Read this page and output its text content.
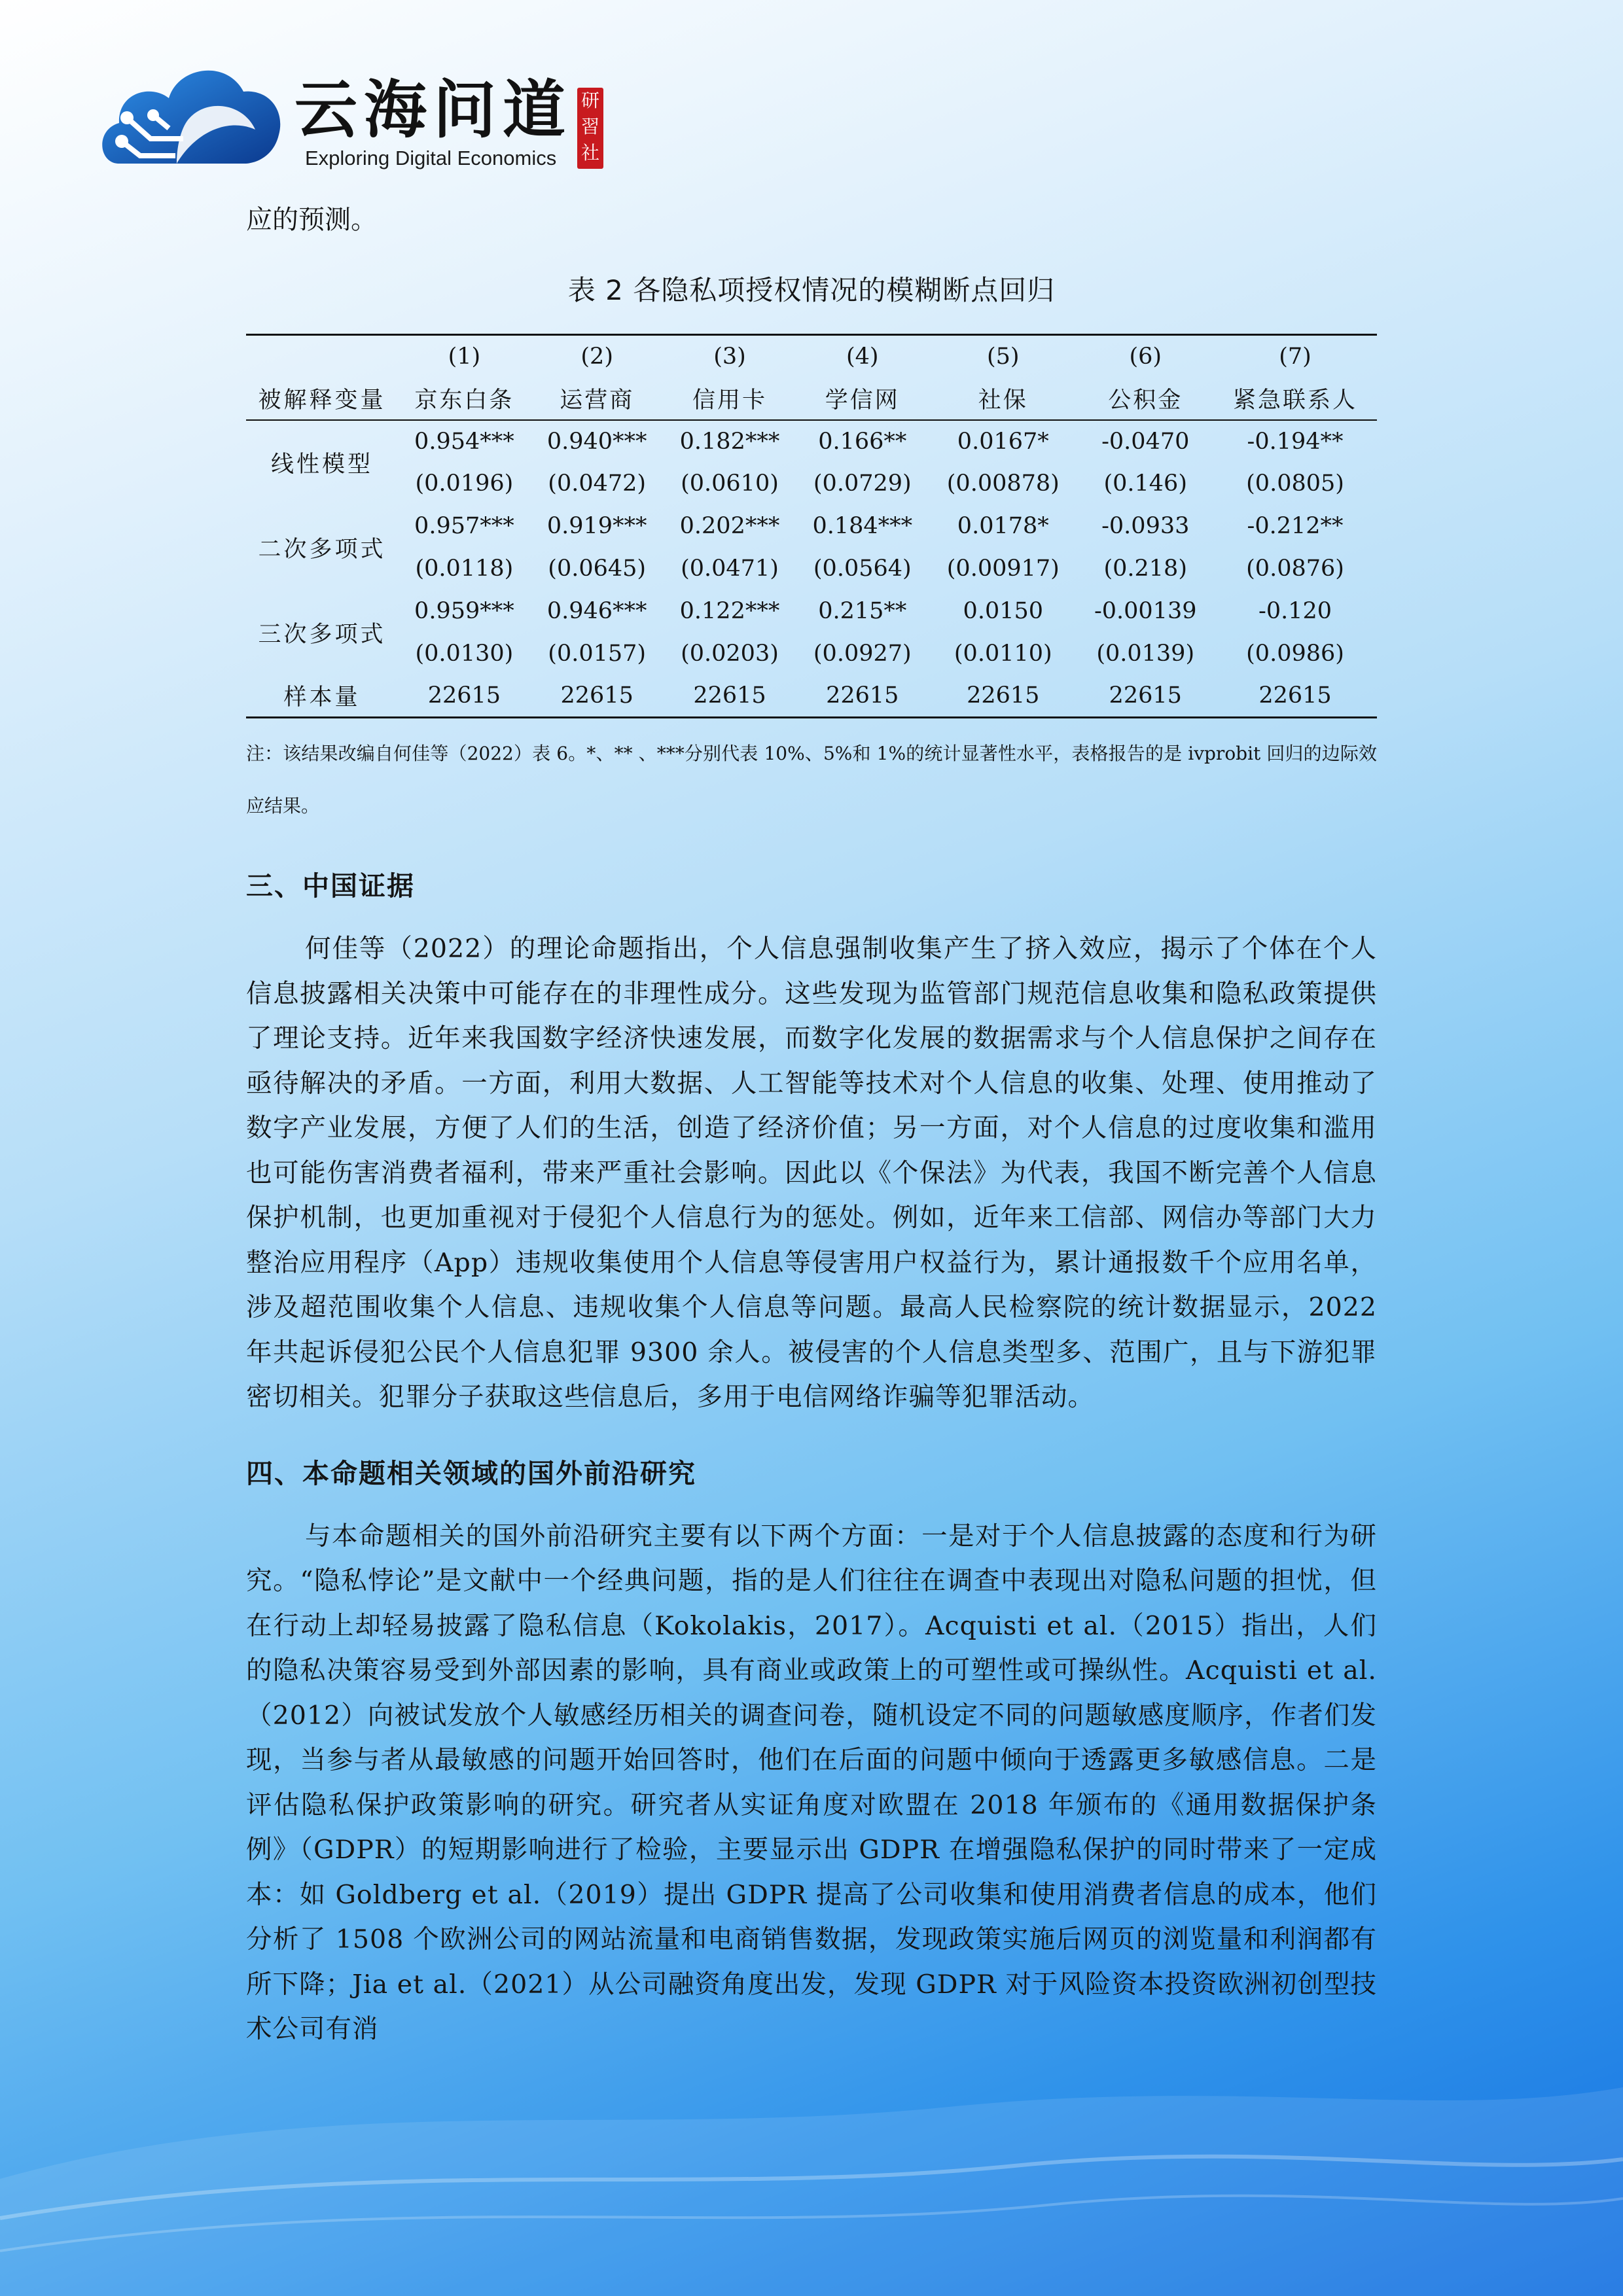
云海问道
Exploring Digital Economics
研習社

应的预测。

表 2 各隐私项授权情况的模糊断点回归

	(1)	(2)	(3)	(4)	(5)	(6)	(7)
被解释变量	京东白条	运营商	信用卡	学信网	社保	公积金	紧急联系人
线性模型	0.954***	0.940***	0.182***	0.166**	0.0167*	-0.0470	-0.194**
	(0.0196)	(0.0472)	(0.0610)	(0.0729)	(0.00878)	(0.146)	(0.0805)
二次多项式	0.957***	0.919***	0.202***	0.184***	0.0178*	-0.0933	-0.212**
	(0.0118)	(0.0645)	(0.0471)	(0.0564)	(0.00917)	(0.218)	(0.0876)
三次多项式	0.959***	0.946***	0.122***	0.215**	0.0150	-0.00139	-0.120
	(0.0130)	(0.0157)	(0.0203)	(0.0927)	(0.0110)	(0.0139)	(0.0986)
样本量	22615	22615	22615	22615	22615	22615	22615

注：该结果改编自何佳等（2022）表 6。*、** 、***分别代表 10%、5%和 1%的统计显著性水平，表格报告的是 ivprobit 回归的边际效应结果。

三、中国证据

何佳等（2022）的理论命题指出，个人信息强制收集产生了挤入效应，揭示了个体在个人信息披露相关决策中可能存在的非理性成分。这些发现为监管部门规范信息收集和隐私政策提供了理论支持。近年来我国数字经济快速发展，而数字化发展的数据需求与个人信息保护之间存在亟待解决的矛盾。一方面，利用大数据、人工智能等技术对个人信息的收集、处理、使用推动了数字产业发展，方便了人们的生活，创造了经济价值；另一方面，对个人信息的过度收集和滥用也可能伤害消费者福利，带来严重社会影响。因此以《个保法》为代表，我国不断完善个人信息保护机制，也更加重视对于侵犯个人信息行为的惩处。例如，近年来工信部、网信办等部门大力整治应用程序（App）违规收集使用个人信息等侵害用户权益行为，累计通报数千个应用名单，涉及超范围收集个人信息、违规收集个人信息等问题。最高人民检察院的统计数据显示，2022 年共起诉侵犯公民个人信息犯罪 9300 余人。被侵害的个人信息类型多、范围广，且与下游犯罪密切相关。犯罪分子获取这些信息后，多用于电信网络诈骗等犯罪活动。

四、本命题相关领域的国外前沿研究

与本命题相关的国外前沿研究主要有以下两个方面：一是对于个人信息披露的态度和行为研究。“隐私悖论”是文献中一个经典问题，指的是人们往往在调查中表现出对隐私问题的担忧，但在行动上却轻易披露了隐私信息（Kokolakis，2017）。Acquisti et al.（2015）指出，人们的隐私决策容易受到外部因素的影响，具有商业或政策上的可塑性或可操纵性。Acquisti et al.（2012）向被试发放个人敏感经历相关的调查问卷，随机设定不同的问题敏感度顺序，作者们发现，当参与者从最敏感的问题开始回答时，他们在后面的问题中倾向于透露更多敏感信息。二是评估隐私保护政策影响的研究。研究者从实证角度对欧盟在 2018 年颁布的《通用数据保护条例》（GDPR）的短期影响进行了检验，主要显示出 GDPR 在增强隐私保护的同时带来了一定成本：如 Goldberg et al.（2019）提出 GDPR 提高了公司收集和使用消费者信息的成本，他们分析了 1508 个欧洲公司的网站流量和电商销售数据，发现政策实施后网页的浏览量和利润都有所下降；Jia et al.（2021）从公司融资角度出发，发现 GDPR 对于风险资本投资欧洲初创型技术公司有消
